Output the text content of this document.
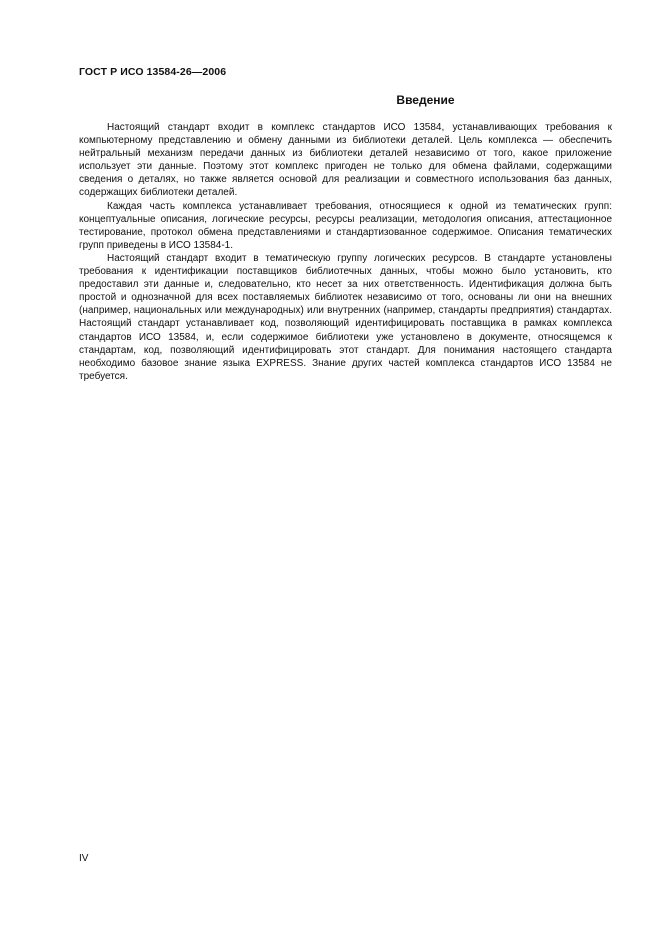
ГОСТ Р ИСО 13584-26—2006
Введение

Настоящий стандарт входит в комплекс стандартов ИСО 13584, устанавливающих требования к компьютерному представлению и обмену данными из библиотеки деталей. Цель комплекса — обеспечить нейтральный механизм передачи данных из библиотеки деталей независимо от того, какое приложение использует эти данные. Поэтому этот комплекс пригоден не только для обмена файлами, содержащими сведения о деталях, но также является основой для реализации и совместного использования баз данных, содержащих библиотеки деталей.

Каждая часть комплекса устанавливает требования, относящиеся к одной из тематических групп: концептуальные описания, логические ресурсы, ресурсы реализации, методология описания, аттестационное тестирование, протокол обмена представлениями и стандартизованное содержимое. Описания тематических групп приведены в ИСО 13584-1.

Настоящий стандарт входит в тематическую группу логических ресурсов. В стандарте установлены требования к идентификации поставщиков библиотечных данных, чтобы можно было установить, кто предоставил эти данные и, следовательно, кто несет за них ответственность. Идентификация должна быть простой и однозначной для всех поставляемых библиотек независимо от того, основаны ли они на внешних (например, национальных или международных) или внутренних (например, стандарты предприятия) стандартах. Настоящий стандарт устанавливает код, позволяющий идентифицировать поставщика в рамках комплекса стандартов ИСО 13584, и, если содержимое библиотеки уже установлено в документе, относящемся к стандартам, код, позволяющий идентифицировать этот стандарт. Для понимания настоящего стандарта необходимо базовое знание языка EXPRESS. Знание других частей комплекса стандартов ИСО 13584 не требуется.

IV
